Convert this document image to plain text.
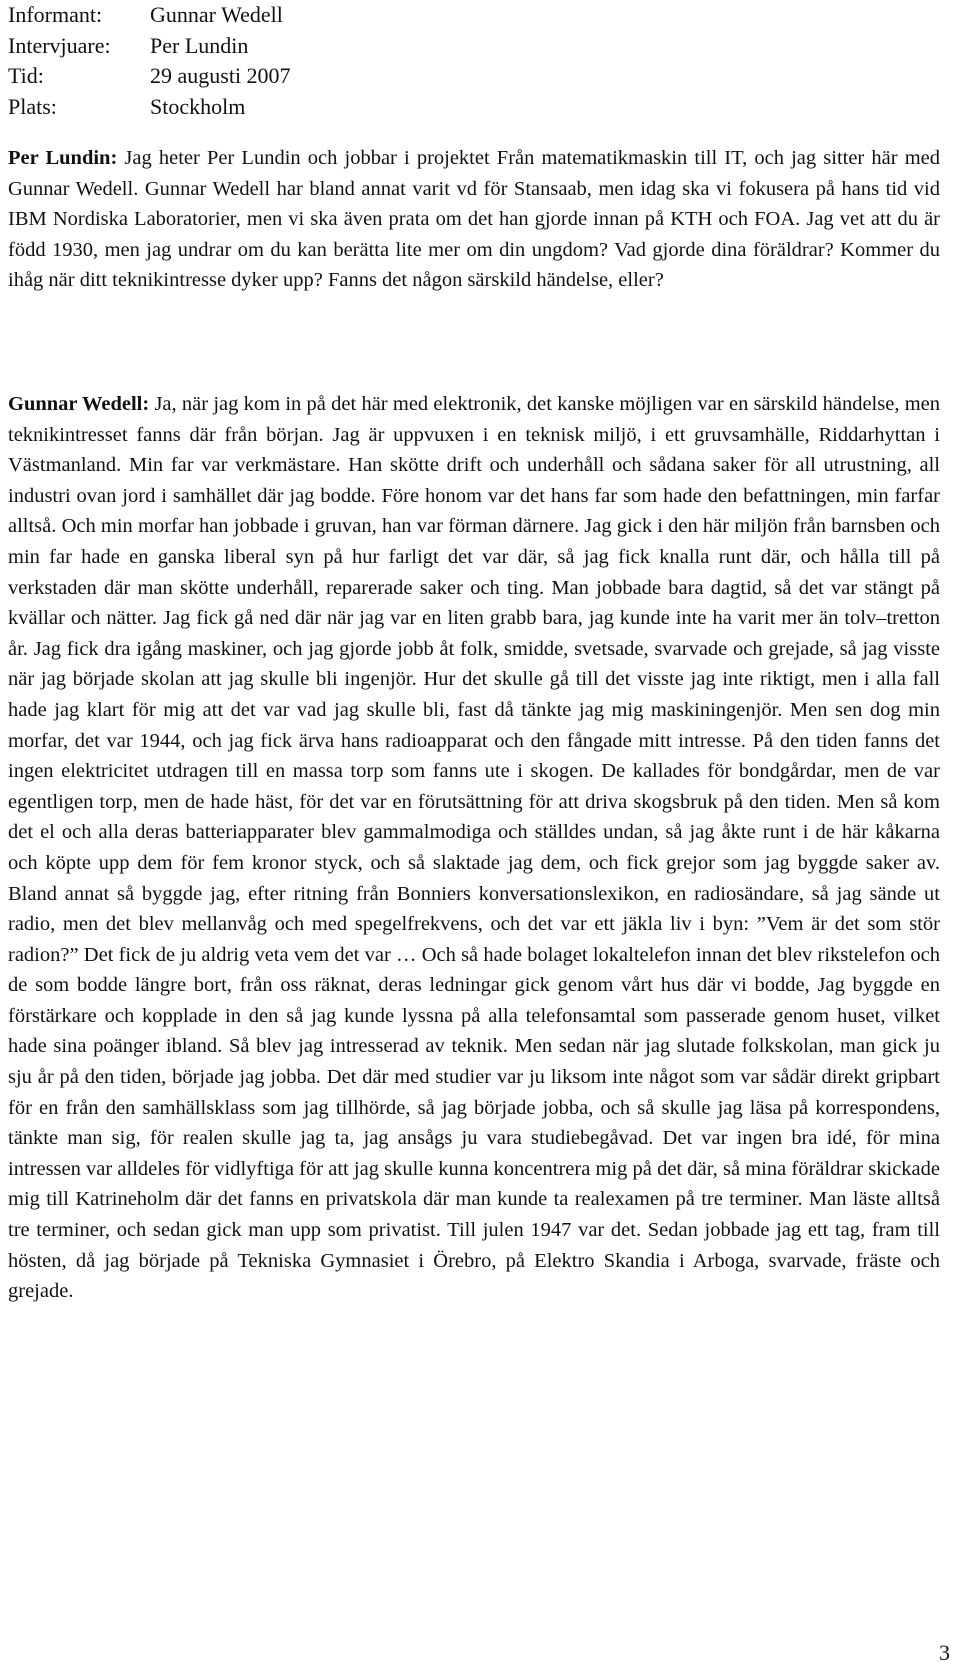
Informant:	Gunnar Wedell
Intervjuare:	Per Lundin
Tid:	29 augusti 2007
Plats:	Stockholm

Per Lundin: Jag heter Per Lundin och jobbar i projektet Från matematikmaskin till IT, och jag sitter här med Gunnar Wedell. Gunnar Wedell har bland annat varit vd för Stansaab, men idag ska vi fokusera på hans tid vid IBM Nordiska Laboratorier, men vi ska även prata om det han gjorde innan på KTH och FOA. Jag vet att du är född 1930, men jag undrar om du kan berätta lite mer om din ungdom? Vad gjorde dina föräldrar? Kommer du ihåg när ditt teknikintresse dyker upp? Fanns det någon särskild händelse, eller?

Gunnar Wedell: Ja, när jag kom in på det här med elektronik, det kanske möjligen var en särskild händelse, men teknikintresset fanns där från början. Jag är uppvuxen i en teknisk miljö, i ett gruvsamhälle, Riddarhyttan i Västmanland. Min far var verkmästare. Han skötte drift och underhåll och sådana saker för all utrustning, all industri ovan jord i samhället där jag bodde. Före honom var det hans far som hade den befattningen, min farfar alltså. Och min morfar han jobbade i gruvan, han var förman därnere. Jag gick i den här miljön från barnsben och min far hade en ganska liberal syn på hur farligt det var där, så jag fick knalla runt där, och hålla till på verkstaden där man skötte underhåll, reparerade saker och ting. Man jobbade bara dagtid, så det var stängt på kvällar och nätter. Jag fick gå ned där när jag var en liten grabb bara, jag kunde inte ha varit mer än tolv–tretton år. Jag fick dra igång maskiner, och jag gjorde jobb åt folk, smidde, svetsade, svarvade och grejade, så jag visste när jag började skolan att jag skulle bli ingenjör. Hur det skulle gå till det visste jag inte riktigt, men i alla fall hade jag klart för mig att det var vad jag skulle bli, fast då tänkte jag mig maskiningenjör. Men sen dog min morfar, det var 1944, och jag fick ärva hans radioapparat och den fångade mitt intresse. På den tiden fanns det ingen elektricitet utdragen till en massa torp som fanns ute i skogen. De kallades för bondgårdar, men de var egentligen torp, men de hade häst, för det var en förutsättning för att driva skogsbruk på den tiden. Men så kom det el och alla deras batteriapparater blev gammalmodiga och ställdes undan, så jag åkte runt i de här kåkarna och köpte upp dem för fem kronor styck, och så slaktade jag dem, och fick grejor som jag byggde saker av. Bland annat så byggde jag, efter ritning från Bonniers konversationslexikon, en radiosändare, så jag sände ut radio, men det blev mellanvåg och med spegelfrekvens, och det var ett jäkla liv i byn: ”Vem är det som stör radion?” Det fick de ju aldrig veta vem det var … Och så hade bolaget lokaltelefon innan det blev rikstelefon och de som bodde längre bort, från oss räknat, deras ledningar gick genom vårt hus där vi bodde, Jag byggde en förstärkare och kopplade in den så jag kunde lyssna på alla telefonsamtal som passerade genom huset, vilket hade sina poänger ibland. Så blev jag intresserad av teknik. Men sedan när jag slutade folkskolan, man gick ju sju år på den tiden, började jag jobba. Det där med studier var ju liksom inte något som var sådär direkt gripbart för en från den samhällsklass som jag tillhörde, så jag började jobba, och så skulle jag läsa på korrespondens, tänkte man sig, för realen skulle jag ta, jag ansågs ju vara studiebegåvad. Det var ingen bra idé, för mina intressen var alldeles för vidlyftiga för att jag skulle kunna koncentrera mig på det där, så mina föräldrar skickade mig till Katrineholm där det fanns en privatskola där man kunde ta realexamen på tre terminer. Man läste alltså tre terminer, och sedan gick man upp som privatist. Till julen 1947 var det. Sedan jobbade jag ett tag, fram till hösten, då jag började på Tekniska Gymnasiet i Örebro, på Elektro Skandia i Arboga, svarvade, fräste och grejade.

3
